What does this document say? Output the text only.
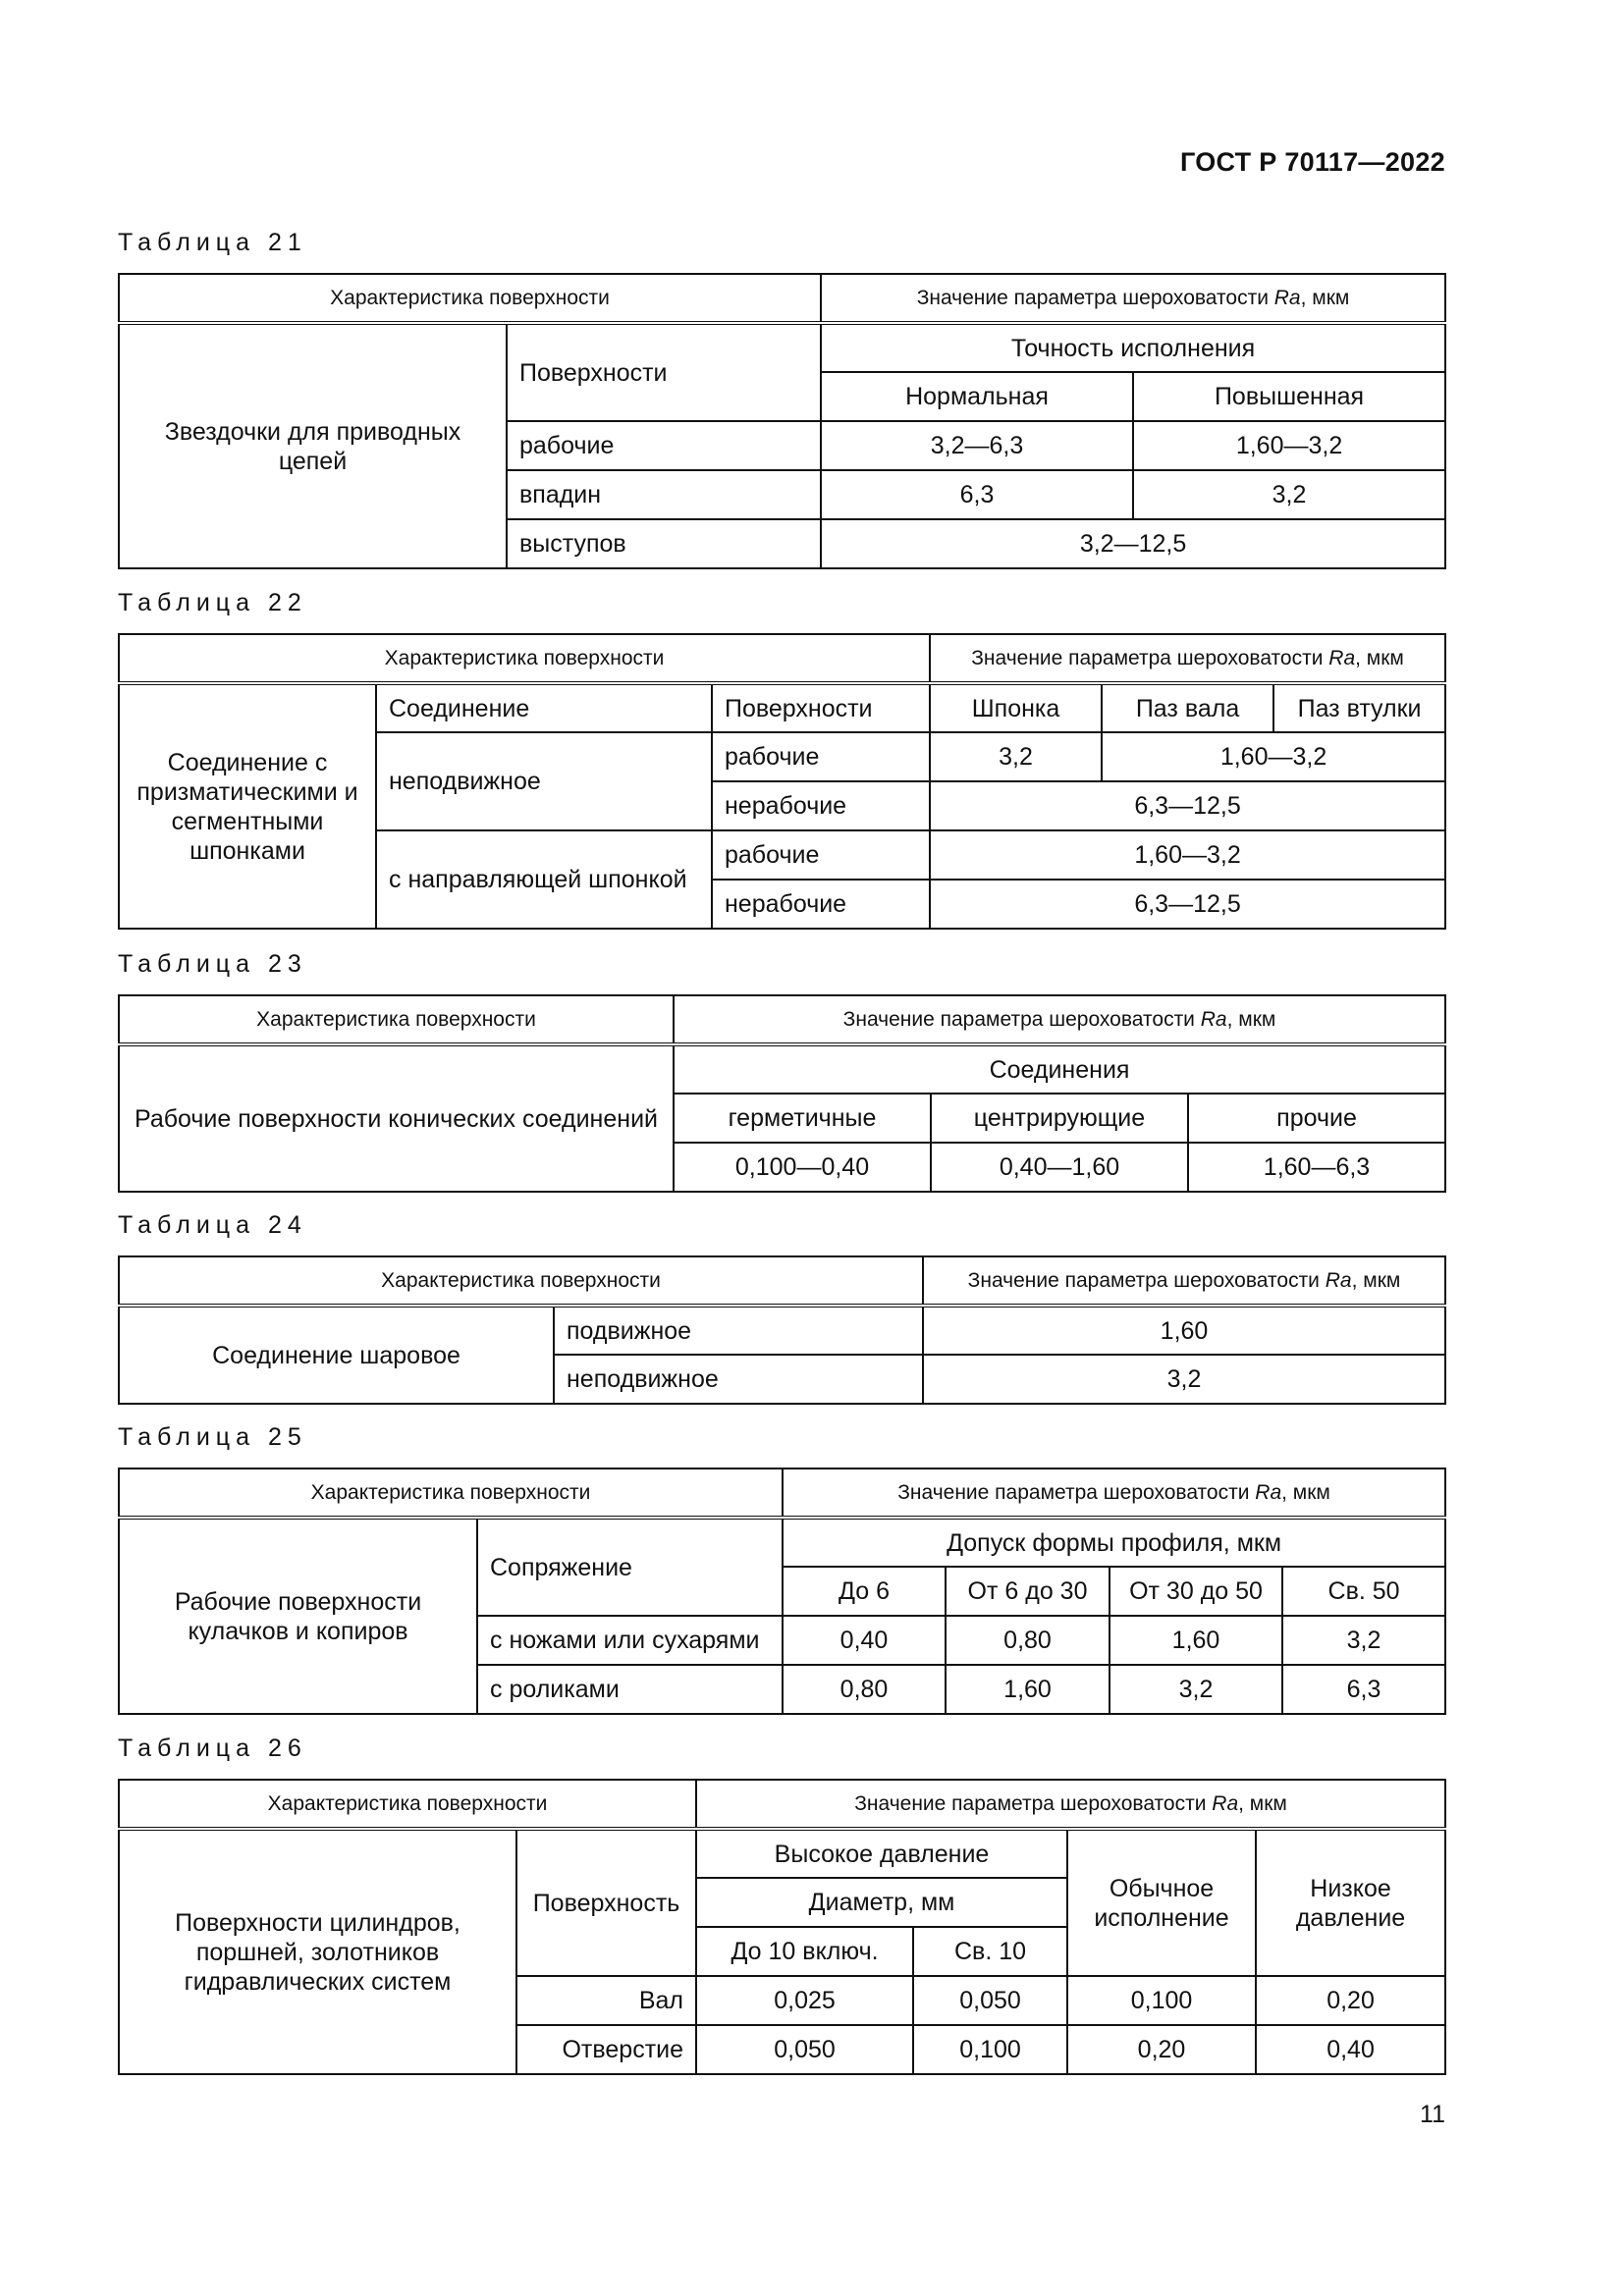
ГОСТ Р 70117—2022
Таблица 21
Характеристика поверхности		Значение параметра шероховатости Ra, мкм	
Звездочки для приводных цепей	Поверхности	Точность исполнения	
		Нормальная	Повышенная
	рабочие	3,2—6,3	1,60—3,2
	впадин	6,3	3,2
	выступов	3,2—12,5	
Таблица 22
Характеристика поверхности			Значение параметра шероховатости Ra, мкм		
Соединение с призматическими и сегментными шпонками	Соединение	Поверхности	Шпонка	Паз вала	Паз втулки
	неподвижное	рабочие	3,2	1,60—3,2	
		нерабочие	6,3—12,5		
	с направляющей шпонкой	рабочие	1,60—3,2		
		нерабочие	6,3—12,5		
Таблица 23
Характеристика поверхности	Значение параметра шероховатости Ra, мкм		
Рабочие поверхности конических соединений	Соединения		
	герметичные	центрирующие	прочие
	0,100—0,40	0,40—1,60	1,60—6,3
Таблица 24
Характеристика поверхности		Значение параметра шероховатости Ra, мкм
Соединение шаровое	подвижное	1,60
	неподвижное	3,2
Таблица 25
Характеристика поверхности		Значение параметра шероховатости Ra, мкм			
Рабочие поверхности кулачков и копиров	Сопряжение	Допуск формы профиля, мкм			
		До 6	От 6 до 30	От 30 до 50	Св. 50
	с ножами или сухарями	0,40	0,80	1,60	3,2
	с роликами	0,80	1,60	3,2	6,3
Таблица 26
Характеристика поверхности		Значение параметра шероховатости Ra, мкм			
Поверхности цилиндров, поршней, золотников гидравлических систем	Поверхность	Высокое давление		Обычное исполнение	Низкое давление
		Диаметр, мм			
		До 10 включ.	Св. 10		
	Вал	0,025	0,050	0,100	0,20
	Отверстие	0,050	0,100	0,20	0,40
11
